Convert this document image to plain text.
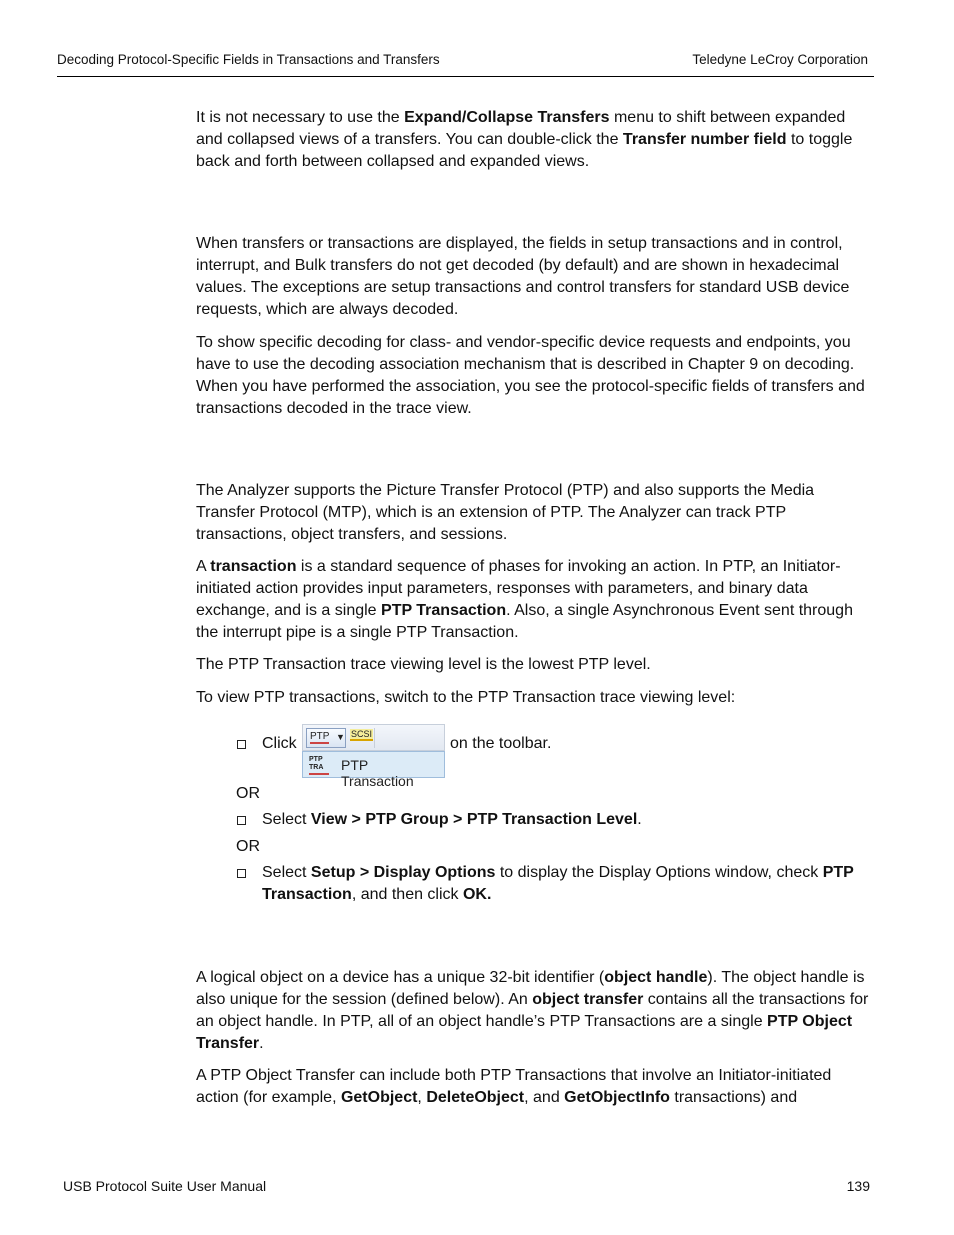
Decoding Protocol-Specific Fields in Transactions and Transfers	Teledyne LeCroy Corporation

It is not necessary to use the Expand/Collapse Transfers menu to shift between expanded and collapsed views of a transfers. You can double-click the Transfer number field to toggle back and forth between collapsed and expanded views.

When transfers or transactions are displayed, the fields in setup transactions and in control, interrupt, and Bulk transfers do not get decoded (by default) and are shown in hexadecimal values. The exceptions are setup transactions and control transfers for standard USB device requests, which are always decoded.

To show specific decoding for class- and vendor-specific device requests and endpoints, you have to use the decoding association mechanism that is described in Chapter 9 on decoding. When you have performed the association, you see the protocol-specific fields of transfers and transactions decoded in the trace view.

The Analyzer supports the Picture Transfer Protocol (PTP) and also supports the Media Transfer Protocol (MTP), which is an extension of PTP. The Analyzer can track PTP transactions, object transfers, and sessions.

A transaction is a standard sequence of phases for invoking an action. In PTP, an Initiator-initiated action provides input parameters, responses with parameters, and binary data exchange, and is a single PTP Transaction. Also, a single Asynchronous Event sent through the interrupt pipe is a single PTP Transaction.

The PTP Transaction trace viewing level is the lowest PTP level.

To view PTP transactions, switch to the PTP Transaction trace viewing level:

Click PTP ▼ SCSI
PTP TRA	PTP Transaction
on the toolbar.
OR
Select View > PTP Group > PTP Transaction Level.
OR
Select Setup > Display Options to display the Display Options window, check PTP Transaction, and then click OK.

A logical object on a device has a unique 32-bit identifier (object handle). The object handle is also unique for the session (defined below). An object transfer contains all the transactions for an object handle. In PTP, all of an object handle’s PTP Transactions are a single PTP Object Transfer.

A PTP Object Transfer can include both PTP Transactions that involve an Initiator-initiated action (for example, GetObject, DeleteObject, and GetObjectInfo transactions) and

USB Protocol Suite User Manual	139
